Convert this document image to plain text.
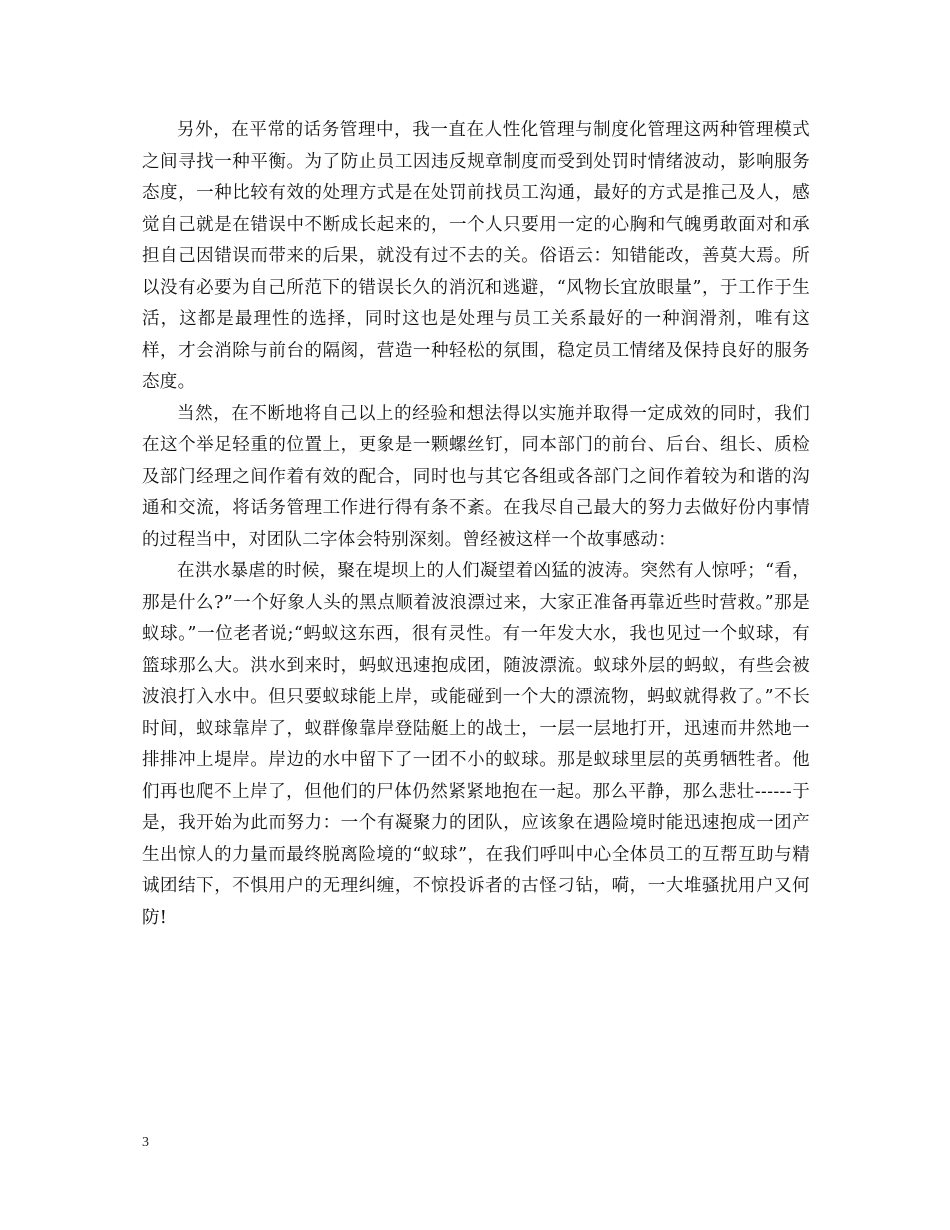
另外，在平常的话务管理中，我一直在人性化管理与制度化管理这两种管理模式之间寻找一种平衡。为了防止员工因违反规章制度而受到处罚时情绪波动，影响服务态度，一种比较有效的处理方式是在处罚前找员工沟通，最好的方式是推己及人，感觉自己就是在错误中不断成长起来的，一个人只要用一定的心胸和气魄勇敢面对和承担自己因错误而带来的后果，就没有过不去的关。俗语云：知错能改，善莫大焉。所以没有必要为自己所范下的错误长久的消沉和逃避，“风物长宜放眼量”，于工作于生活，这都是最理性的选择，同时这也是处理与员工关系最好的一种润滑剂，唯有这样，才会消除与前台的隔阂，营造一种轻松的氛围，稳定员工情绪及保持良好的服务态度。

当然，在不断地将自己以上的经验和想法得以实施并取得一定成效的同时，我们在这个举足轻重的位置上，更象是一颗螺丝钉，同本部门的前台、后台、组长、质检及部门经理之间作着有效的配合，同时也与其它各组或各部门之间作着较为和谐的沟通和交流，将话务管理工作进行得有条不紊。在我尽自己最大的努力去做好份内事情的过程当中，对团队二字体会特别深刻。曾经被这样一个故事感动：

在洪水暴虐的时候，聚在堤坝上的人们凝望着凶猛的波涛。突然有人惊呼；“看，那是什么?”一个好象人头的黑点顺着波浪漂过来，大家正准备再靠近些时营救。”那是蚁球。”一位老者说;“蚂蚁这东西，很有灵性。有一年发大水，我也见过一个蚁球，有篮球那么大。洪水到来时，蚂蚁迅速抱成团，随波漂流。蚁球外层的蚂蚁，有些会被波浪打入水中。但只要蚁球能上岸，或能碰到一个大的漂流物，蚂蚁就得救了。”不长时间，蚁球靠岸了，蚁群像靠岸登陆艇上的战士，一层一层地打开，迅速而井然地一排排冲上堤岸。岸边的水中留下了一团不小的蚁球。那是蚁球里层的英勇牺牲者。他们再也爬不上岸了，但他们的尸体仍然紧紧地抱在一起。那么平静，那么悲壮------于是，我开始为此而努力：一个有凝聚力的团队，应该象在遇险境时能迅速抱成一团产生出惊人的力量而最终脱离险境的“蚁球”，在我们呼叫中心全体员工的互帮互助与精诚团结下，不惧用户的无理纠缠，不惊投诉者的古怪刁钻，嗬，一大堆骚扰用户又何防!

3
